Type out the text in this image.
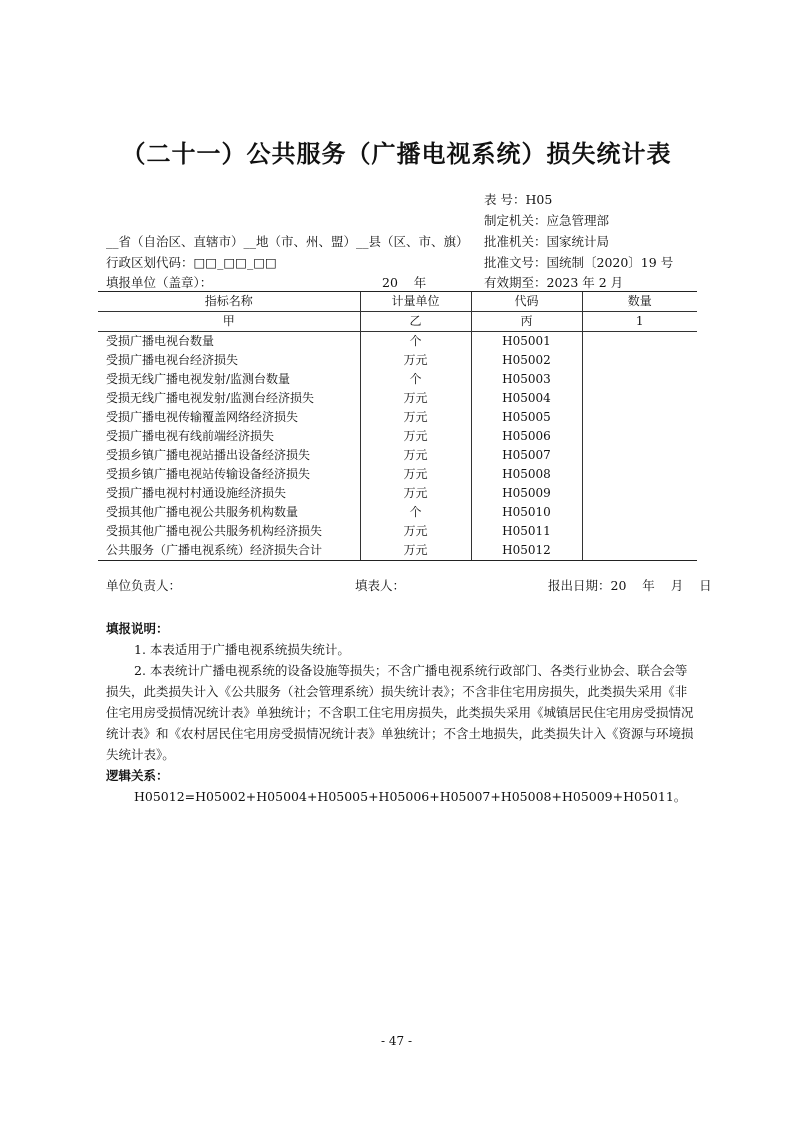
（二十一）公共服务（广播电视系统）损失统计表
表 号：H05
制定机关：应急管理部
批准机关：国家统计局
批准文号：国统制〔2020〕19 号
有效期至：2023 年 2 月
__省（自治区、直辖市）__地（市、州、盟）__县（区、市、旗）
行政区划代码：□□_□□_□□
填报单位（盖章）：	20    年
指标名称	计量单位	代码	数量
甲	乙	丙	1
受损广播电视台数量	个	H05001	
受损广播电视台经济损失	万元	H05002	
受损无线广播电视发射/监测台数量	个	H05003	
受损无线广播电视发射/监测台经济损失	万元	H05004	
受损广播电视传输覆盖网络经济损失	万元	H05005	
受损广播电视有线前端经济损失	万元	H05006	
受损乡镇广播电视站播出设备经济损失	万元	H05007	
受损乡镇广播电视站传输设备经济损失	万元	H05008	
受损广播电视村村通设施经济损失	万元	H05009	
受损其他广播电视公共服务机构数量	个	H05010	
受损其他广播电视公共服务机构经济损失	万元	H05011	
公共服务（广播电视系统）经济损失合计	万元	H05012	
单位负责人：	填表人：	报出日期：20    年    月    日
填报说明：
1. 本表适用于广播电视系统损失统计。
2. 本表统计广播电视系统的设备设施等损失；不含广播电视系统行政部门、各类行业协会、联合会等损失，此类损失计入《公共服务（社会管理系统）损失统计表》；不含非住宅用房损失，此类损失采用《非住宅用房受损情况统计表》单独统计；不含职工住宅用房损失，此类损失采用《城镇居民住宅用房受损情况统计表》和《农村居民住宅用房受损情况统计表》单独统计；不含土地损失，此类损失计入《资源与环境损失统计表》。
逻辑关系：
H05012=H05002+H05004+H05005+H05006+H05007+H05008+H05009+H05011。
- 47 -
